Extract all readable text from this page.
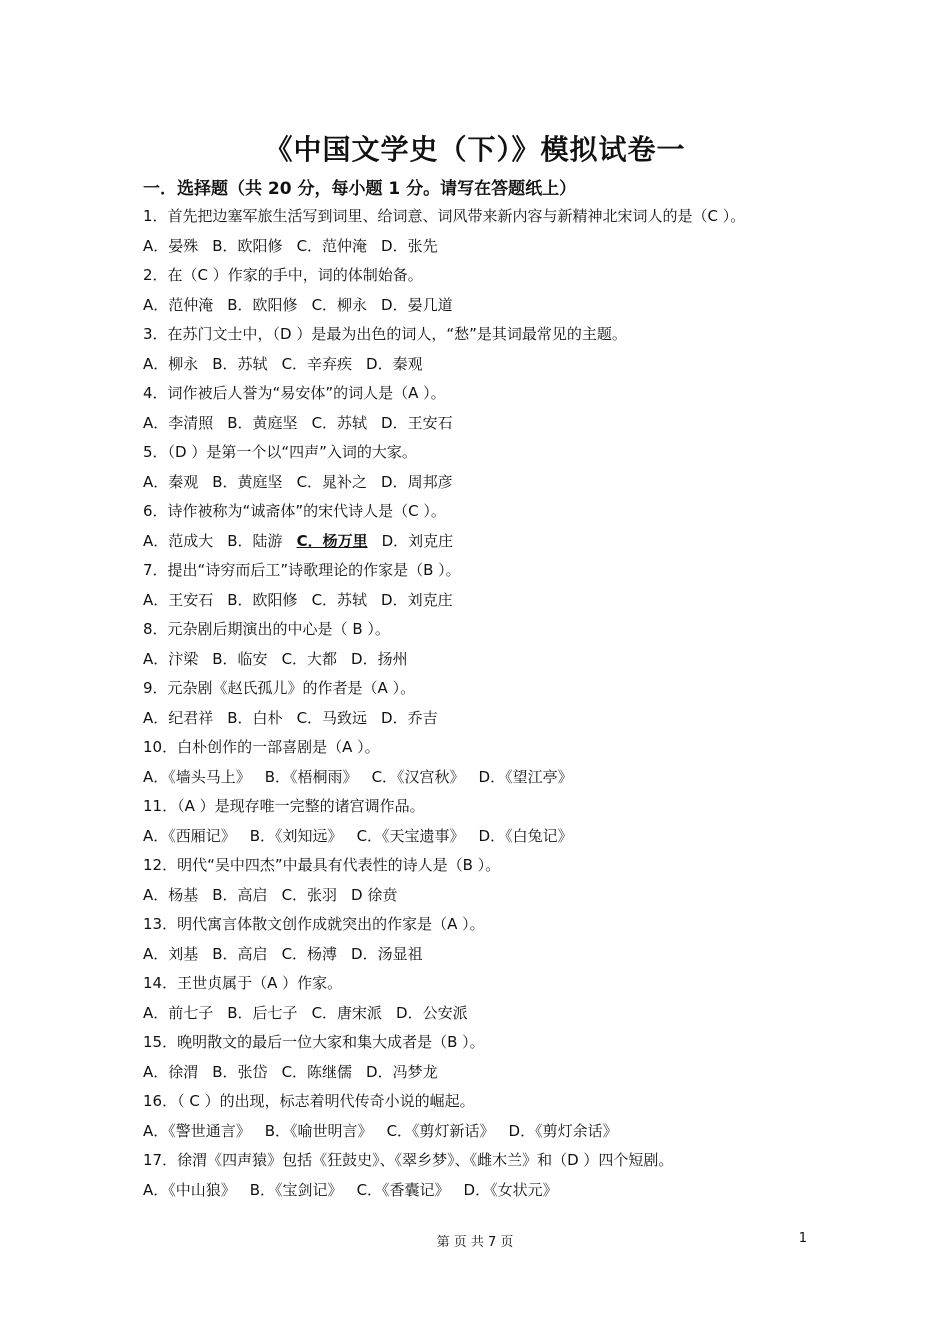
《中国文学史（下）》模拟试卷一
一．选择题（共 20 分，每小题 1 分。请写在答题纸上）
1．首先把边塞军旅生活写到词里、给词意、词风带来新内容与新精神北宋词人的是（C ）。
A．晏殊 B．欧阳修 C．范仲淹 D．张先
2．在（C ）作家的手中，词的体制始备。
A．范仲淹 B．欧阳修 C．柳永 D．晏几道
3．在苏门文士中，（D ）是最为出色的词人，“愁”是其词最常见的主题。
A．柳永 B．苏轼 C．辛弃疾 D．秦观
4．词作被后人誉为“易安体”的词人是（A ）。
A．李清照 B．黄庭坚 C．苏轼 D．王安石
5．（D ）是第一个以“四声”入词的大家。
A．秦观 B．黄庭坚 C．晁补之 D．周邦彦
6．诗作被称为“诚斋体”的宋代诗人是（C ）。
A．范成大 B．陆游 C．杨万里 D．刘克庄
7．提出“诗穷而后工”诗歌理论的作家是（B ）。
A．王安石 B．欧阳修 C．苏轼 D．刘克庄
8．元杂剧后期演出的中心是（ B ）。
A．汴梁 B．临安 C．大都 D．扬州
9．元杂剧《赵氏孤儿》的作者是（A ）。
A．纪君祥 B．白朴 C．马致远 D．乔吉
10．白朴创作的一部喜剧是（A ）。
A．《墙头马上》 B．《梧桐雨》 C．《汉宫秋》 D．《望江亭》
11．（A ）是现存唯一完整的诸宫调作品。
A．《西厢记》 B．《刘知远》 C．《天宝遗事》 D．《白兔记》
12．明代“吴中四杰”中最具有代表性的诗人是（B ）。
A．杨基 B．高启 C．张羽 D 徐贲
13．明代寓言体散文创作成就突出的作家是（A ）。
A．刘基 B．高启 C．杨溥 D．汤显祖
14．王世贞属于（A ）作家。
A．前七子 B．后七子 C．唐宋派 D．公安派
15．晚明散文的最后一位大家和集大成者是（B ）。
A．徐渭 B．张岱 C．陈继儒 D．冯梦龙
16．（ C ）的出现，标志着明代传奇小说的崛起。
A．《警世通言》 B．《喻世明言》 C．《剪灯新话》 D．《剪灯余话》
17．徐渭《四声猿》包括《狂鼓史》、《翠乡梦》、《雌木兰》和（D ）四个短剧。
A．《中山狼》 B．《宝剑记》 C．《香囊记》 D．《女状元》
第 页 共 7 页	1
